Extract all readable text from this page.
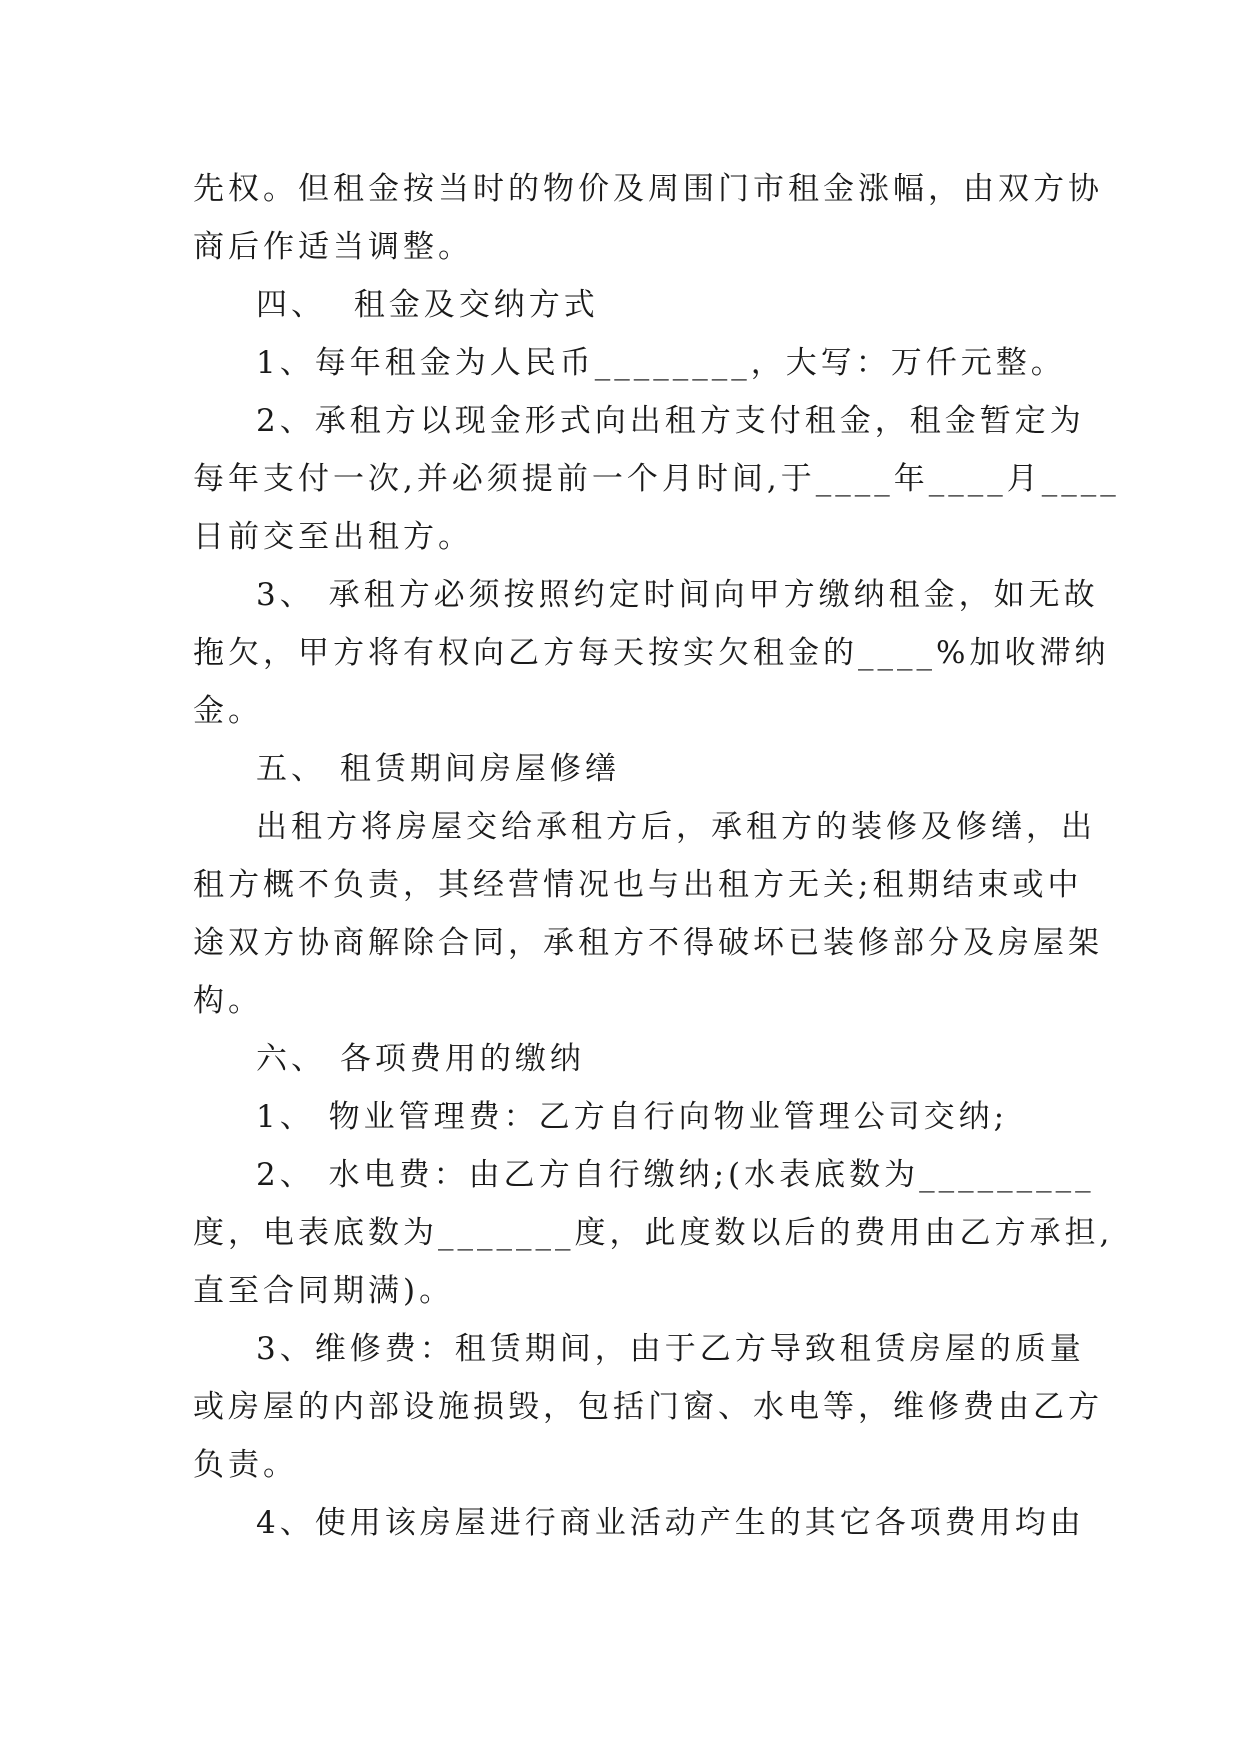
先权。但租金按当时的物价及周围门市租金涨幅，由双方协
商后作适当调整。
四、  租金及交纳方式
1、每年租金为人民币________，大写：万仟元整。
2、承租方以现金形式向出租方支付租金，租金暂定为
每年支付一次,并必须提前一个月时间,于____年____月____
日前交至出租方。
3、 承租方必须按照约定时间向甲方缴纳租金，如无故
拖欠，甲方将有权向乙方每天按实欠租金的____%加收滞纳
金。
五、 租赁期间房屋修缮
出租方将房屋交给承租方后，承租方的装修及修缮，出
租方概不负责，其经营情况也与出租方无关;租期结束或中
途双方协商解除合同，承租方不得破坏已装修部分及房屋架
构。
六、 各项费用的缴纳
1、 物业管理费：乙方自行向物业管理公司交纳;
2、 水电费：由乙方自行缴纳;(水表底数为_________
度，电表底数为_______度，此度数以后的费用由乙方承担,
直至合同期满)。
3、维修费：租赁期间，由于乙方导致租赁房屋的质量
或房屋的内部设施损毁，包括门窗、水电等，维修费由乙方
负责。
4、使用该房屋进行商业活动产生的其它各项费用均由
